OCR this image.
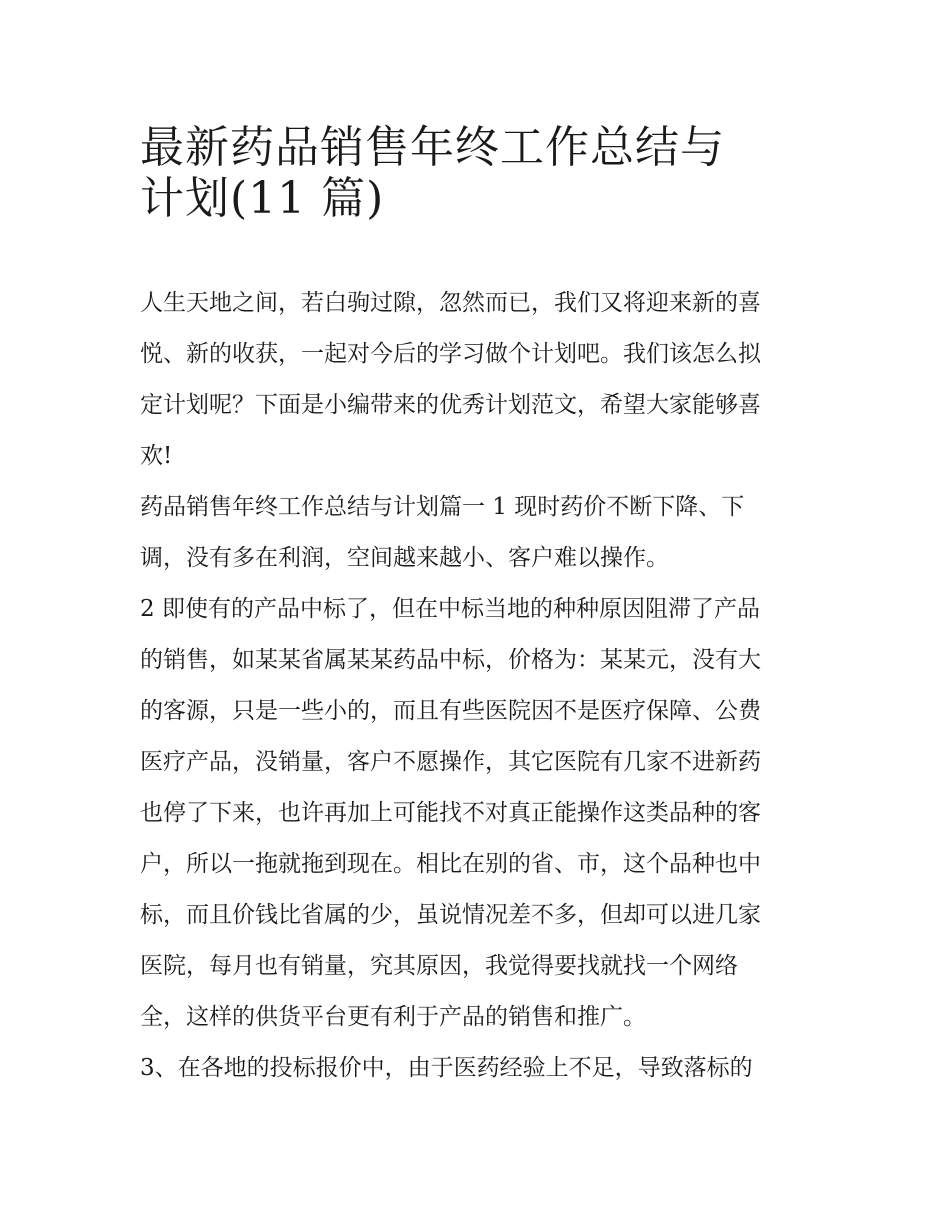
最新药品销售年终工作总结与
计划(11 篇)

人生天地之间，若白驹过隙，忽然而已，我们又将迎来新的喜
悦、新的收获，一起对今后的学习做个计划吧。我们该怎么拟
定计划呢？下面是小编带来的优秀计划范文，希望大家能够喜
欢!

药品销售年终工作总结与计划篇一 1 现时药价不断下降、下
调，没有多在利润，空间越来越小、客户难以操作。

2 即使有的产品中标了，但在中标当地的种种原因阻滞了产品
的销售，如某某省属某某药品中标，价格为：某某元，没有大
的客源，只是一些小的，而且有些医院因不是医疗保障、公费
医疗产品，没销量，客户不愿操作，其它医院有几家不进新药
也停了下来，也许再加上可能找不对真正能操作这类品种的客
户，所以一拖就拖到现在。相比在别的省、市，这个品种也中
标，而且价钱比省属的少，虽说情况差不多，但却可以进几家
医院，每月也有销量，究其原因，我觉得要找就找一个网络
全，这样的供货平台更有利于产品的销售和推广。

3、在各地的投标报价中，由于医药经验上不足，导致落标的
